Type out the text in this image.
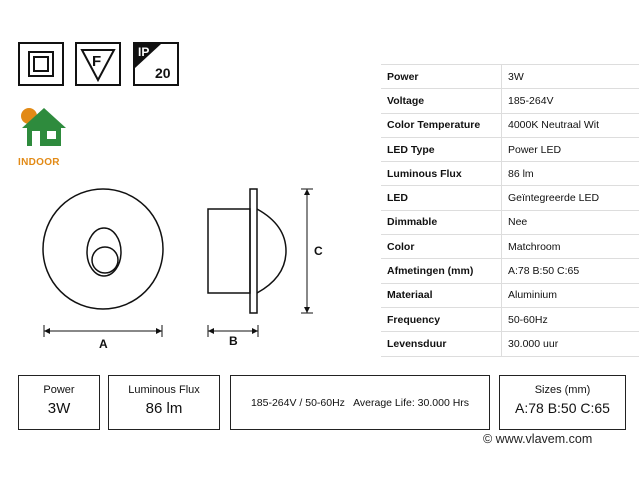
F
IP
20
INDOOR
A	B
C
Power	3W
Voltage	185-264V
Color Temperature	4000K Neutraal Wit
LED Type	Power LED
Luminous Flux	86 lm
LED	Geïntegreerde LED
Dimmable	Nee
Color	Matchroom
Afmetingen (mm)	A:78 B:50 C:65
Materiaal	Aluminium
Frequency	50-60Hz
Levensduur	30.000 uur
Power
3W
Luminous Flux
86 lm	185-264V / 50-60Hz   Average Life: 30.000 Hrs
Sizes (mm)
A:78 B:50 C:65
© www.vlavem.com
